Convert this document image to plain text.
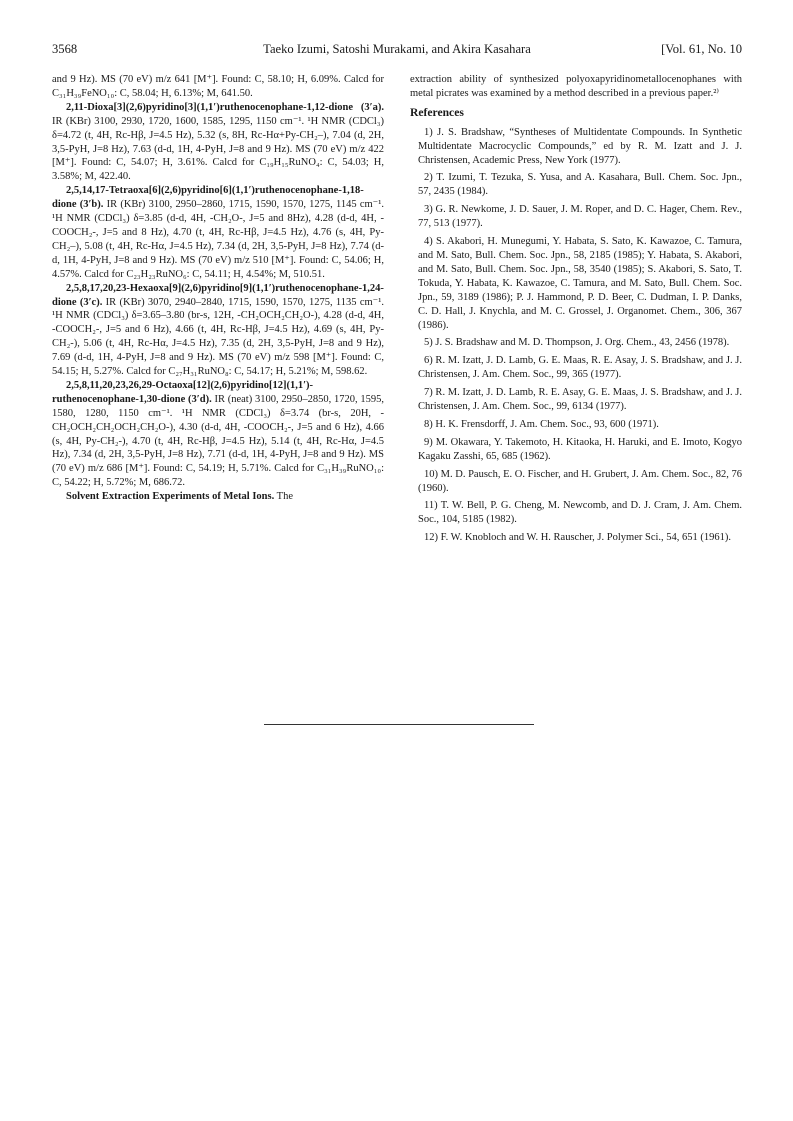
3568	Taeko Izumi, Satoshi Murakami, and Akira Kasahara	[Vol. 61, No. 10

and 9 Hz). MS (70 eV) m/z 641 [M⁺]. Found: C, 58.10; H, 6.09%. Calcd for C₃₁H₃₉FeNO₁₀: C, 58.04; H, 6.13%; M, 641.50.

2,11-Dioxa[3](2,6)pyridino[3](1,1′)ruthenocenophane-1,12-dione (3′a). IR (KBr) 3100, 2930, 1720, 1600, 1585, 1295, 1150 cm⁻¹. ¹H NMR (CDCl₃) δ=4.72 (t, 4H, Rc-Hβ, J=4.5 Hz), 5.32 (s, 8H, Rc-Hα+Py-CH₂–), 7.04 (d, 2H, 3,5-PyH, J=8 Hz), 7.63 (d-d, 1H, 4-PyH, J=8 and 9 Hz). MS (70 eV) m/z 422 [M⁺]. Found: C, 54.07; H, 3.61%. Calcd for C₁₉H₁₅RuNO₄: C, 54.03; H, 3.58%; M, 422.40.

2,5,14,17-Tetraoxa[6](2,6)pyridino[6](1,1′)ruthenocenophane-1,18-dione (3′b). IR (KBr) 3100, 2950–2860, 1715, 1590, 1570, 1275, 1145 cm⁻¹. ¹H NMR (CDCl₃) δ=3.85 (d-d, 4H, -CH₂O-, J=5 and 8Hz), 4.28 (d-d, 4H, -COOCH₂-, J=5 and 8 Hz), 4.70 (t, 4H, Rc-Hβ, J=4.5 Hz), 4.76 (s, 4H, Py-CH₂–), 5.08 (t, 4H, Rc-Hα, J=4.5 Hz), 7.34 (d, 2H, 3,5-PyH, J=8 Hz), 7.74 (d-d, 1H, 4-PyH, J=8 and 9 Hz). MS (70 eV) m/z 510 [M⁺]. Found: C, 54.06; H, 4.57%. Calcd for C₂₃H₂₃RuNO₆: C, 54.11; H, 4.54%; M, 510.51.

2,5,8,17,20,23-Hexaoxa[9](2,6)pyridino[9](1,1′)ruthenocenophane-1,24-dione (3′c). IR (KBr) 3070, 2940–2840, 1715, 1590, 1570, 1275, 1135 cm⁻¹. ¹H NMR (CDCl₃) δ=3.65–3.80 (br-s, 12H, -CH₂OCH₂CH₂O-), 4.28 (d-d, 4H, -COOCH₂-, J=5 and 6 Hz), 4.66 (t, 4H, Rc-Hβ, J=4.5 Hz), 4.69 (s, 4H, Py-CH₂-), 5.06 (t, 4H, Rc-Hα, J=4.5 Hz), 7.35 (d, 2H, 3,5-PyH, J=8 and 9 Hz), 7.69 (d-d, 1H, 4-PyH, J=8 and 9 Hz). MS (70 eV) m/z 598 [M⁺]. Found: C, 54.15; H, 5.27%. Calcd for C₂₇H₃₁RuNO₈: C, 54.17; H, 5.21%; M, 598.62.

2,5,8,11,20,23,26,29-Octaoxa[12](2,6)pyridino[12](1,1′)-ruthenocenophane-1,30-dione (3′d). IR (neat) 3100, 2950–2850, 1720, 1595, 1580, 1280, 1150 cm⁻¹. ¹H NMR (CDCl₃) δ=3.74 (br-s, 20H, -CH₂OCH₂CH₂OCH₂CH₂O-), 4.30 (d-d, 4H, -COOCH₂-, J=5 and 6 Hz), 4.66 (s, 4H, Py-CH₂-), 4.70 (t, 4H, Rc-Hβ, J=4.5 Hz), 5.14 (t, 4H, Rc-Hα, J=4.5 Hz), 7.34 (d, 2H, 3,5-PyH, J=8 Hz), 7.71 (d-d, 1H, 4-PyH, J=8 and 9 Hz). MS (70 eV) m/z 686 [M⁺]. Found: C, 54.19; H, 5.71%. Calcd for C₃₁H₃₉RuNO₁₀: C, 54.22; H, 5.72%; M, 686.72.

Solvent Extraction Experiments of Metal Ions. The

extraction ability of synthesized polyoxapyridinometallocenophanes with metal picrates was examined by a method described in a previous paper.²⁾

References

1) J. S. Bradshaw, “Syntheses of Multidentate Compounds. In Synthetic Multidentate Macrocyclic Compounds,” ed by R. M. Izatt and J. J. Christensen, Academic Press, New York (1977).

2) T. Izumi, T. Tezuka, S. Yusa, and A. Kasahara, Bull. Chem. Soc. Jpn., 57, 2435 (1984).

3) G. R. Newkome, J. D. Sauer, J. M. Roper, and D. C. Hager, Chem. Rev., 77, 513 (1977).

4) S. Akabori, H. Munegumi, Y. Habata, S. Sato, K. Kawazoe, C. Tamura, and M. Sato, Bull. Chem. Soc. Jpn., 58, 2185 (1985); Y. Habata, S. Akabori, and M. Sato, Bull. Chem. Soc. Jpn., 58, 3540 (1985); S. Akabori, S. Sato, T. Tokuda, Y. Habata, K. Kawazoe, C. Tamura, and M. Sato, Bull. Chem. Soc. Jpn., 59, 3189 (1986); P. J. Hammond, P. D. Beer, C. Dudman, I. P. Danks, C. D. Hall, J. Knychla, and M. C. Grossel, J. Organomet. Chem., 306, 367 (1986).

5) J. S. Bradshaw and M. D. Thompson, J. Org. Chem., 43, 2456 (1978).

6) R. M. Izatt, J. D. Lamb, G. E. Maas, R. E. Asay, J. S. Bradshaw, and J. J. Christensen, J. Am. Chem. Soc., 99, 365 (1977).

7) R. M. Izatt, J. D. Lamb, R. E. Asay, G. E. Maas, J. S. Bradshaw, and J. J. Christensen, J. Am. Chem. Soc., 99, 6134 (1977).

8) H. K. Frensdorff, J. Am. Chem. Soc., 93, 600 (1971).

9) M. Okawara, Y. Takemoto, H. Kitaoka, H. Haruki, and E. Imoto, Kogyo Kagaku Zasshi, 65, 685 (1962).

10) M. D. Pausch, E. O. Fischer, and H. Grubert, J. Am. Chem. Soc., 82, 76 (1960).

11) T. W. Bell, P. G. Cheng, M. Newcomb, and D. J. Cram, J. Am. Chem. Soc., 104, 5185 (1982).

12) F. W. Knobloch and W. H. Rauscher, J. Polymer Sci., 54, 651 (1961).
